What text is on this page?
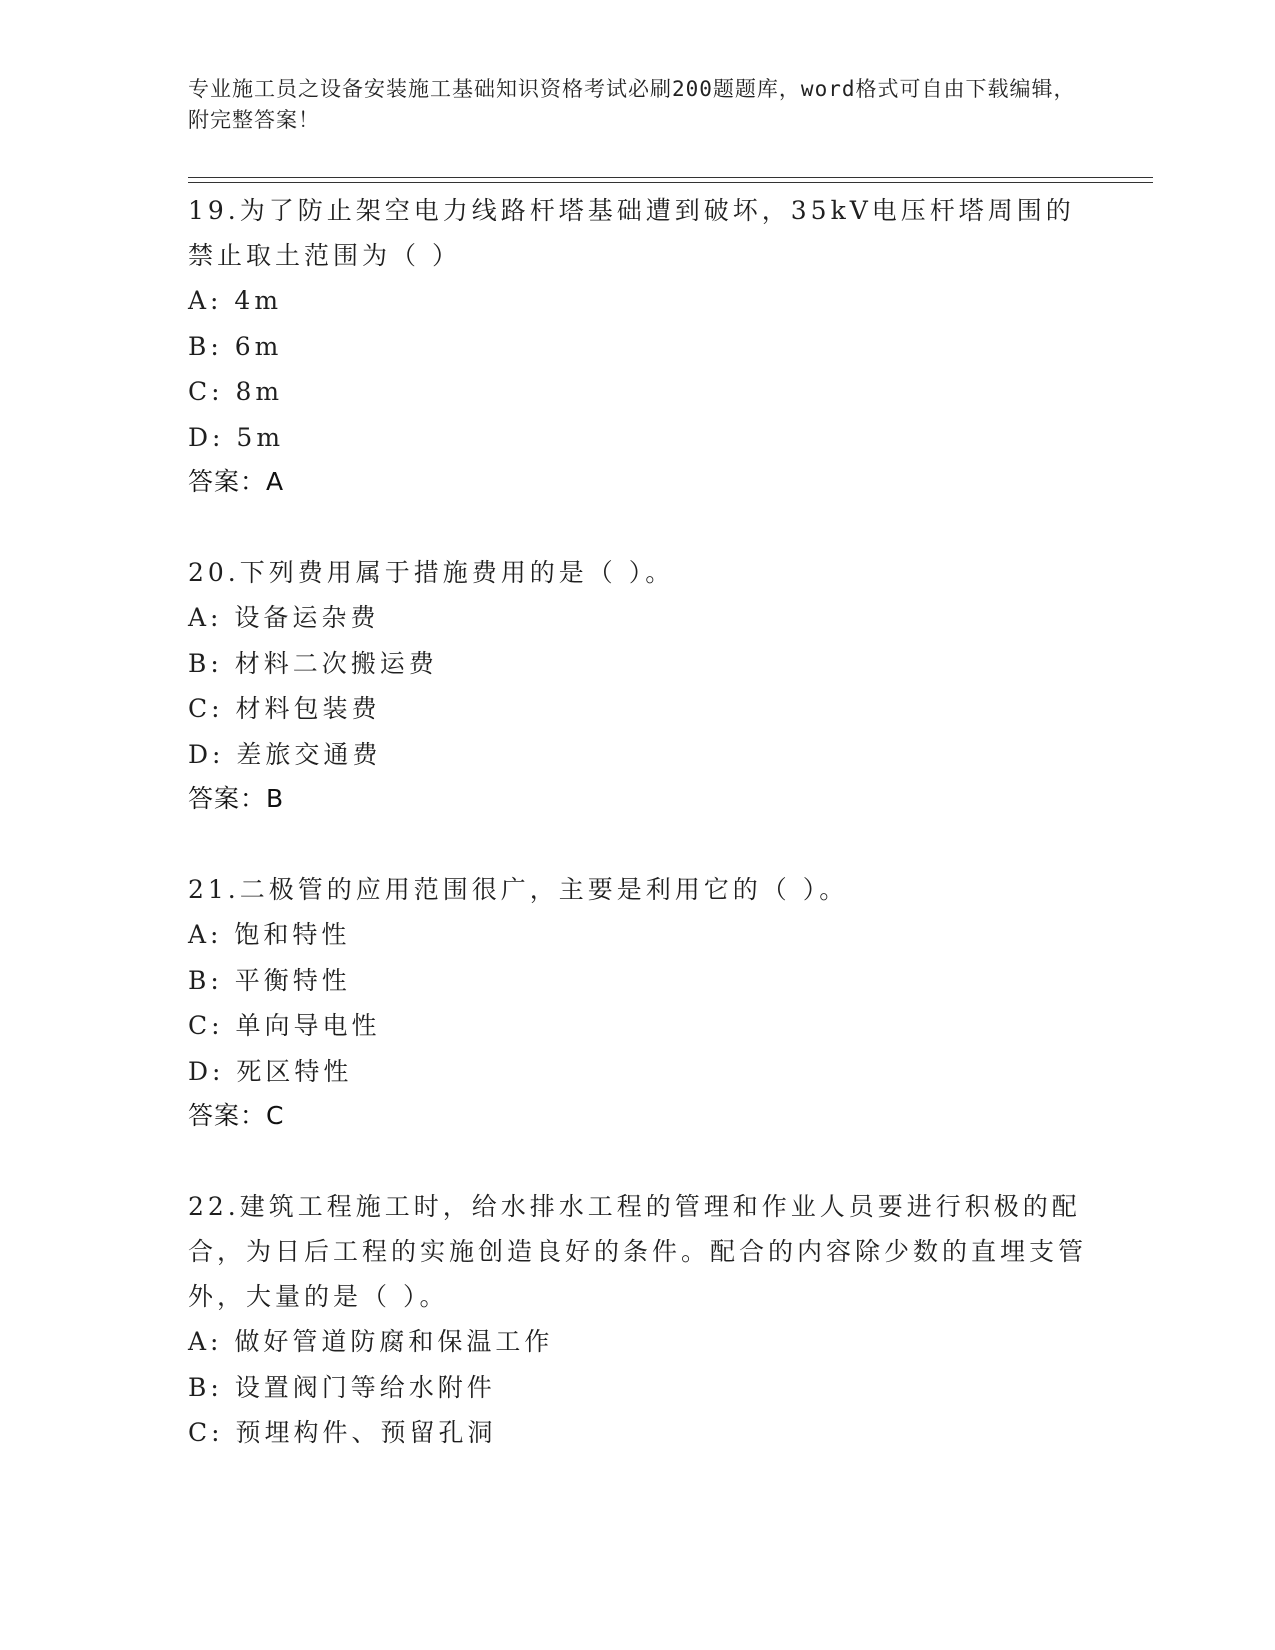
专业施工员之设备安装施工基础知识资格考试必刷200题题库，word格式可自由下载编辑，附完整答案！

19.为了防止架空电力线路杆塔基础遭到破坏，35kV电压杆塔周围的禁止取土范围为（ ）

A: 4m

B: 6m

C: 8m

D: 5m

答案：A

20.下列费用属于措施费用的是（ ）。

A: 设备运杂费

B: 材料二次搬运费

C: 材料包装费

D: 差旅交通费

答案：B

21.二极管的应用范围很广，主要是利用它的（ ）。

A: 饱和特性

B: 平衡特性

C: 单向导电性

D: 死区特性

答案：C

22.建筑工程施工时，给水排水工程的管理和作业人员要进行积极的配合，为日后工程的实施创造良好的条件。配合的内容除少数的直埋支管外，大量的是（ ）。

A: 做好管道防腐和保温工作

B: 设置阀门等给水附件

C: 预埋构件、预留孔洞
